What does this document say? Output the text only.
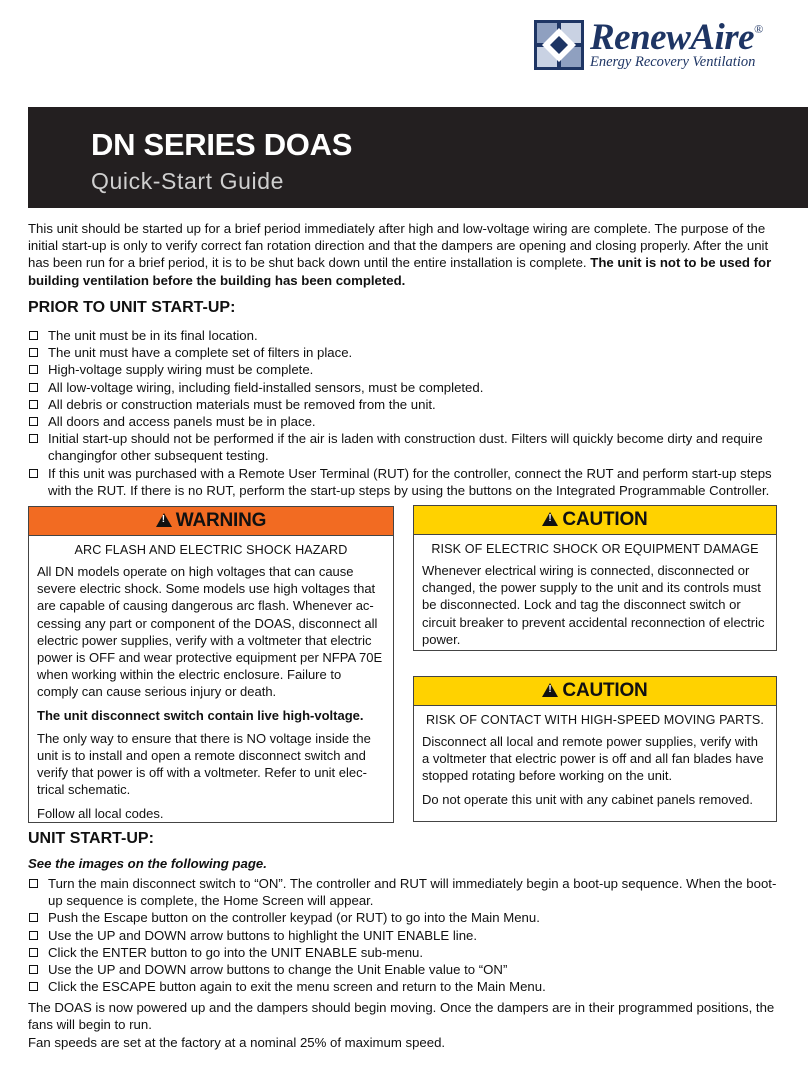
RenewAire®
Energy Recovery Ventilation
DN SERIES DOAS
Quick-Start Guide
This unit should be started up for a brief period immediately after high and low-voltage wiring are complete. The purpose of the initial start-up is only to verify correct fan rotation direction and that the dampers are opening and closing properly. After the unit has been run for a brief period, it is to be shut back down until the entire installation is complete. The unit is not to be used for building ventilation before the building has been completed.
PRIOR TO UNIT START-UP:
The unit must be in its final location.
The unit must have a complete set of filters in place.
High-voltage supply wiring must be complete.
All low-voltage wiring, including field-installed sensors, must be completed.
All debris or construction materials must be removed from the unit.
All doors and access panels must be in place.
Initial start-up should not be performed if the air is laden with construction dust. Filters will quickly become dirty and require changingfor other subsequent testing.
If this unit was purchased with a Remote User Terminal (RUT) for the controller, connect the RUT and perform start-up steps with the RUT. If there is no RUT, perform the start-up steps by using the buttons on the Integrated Programmable Controller.
!
WARNING
ARC FLASH AND ELECTRIC SHOCK HAZARD

All DN models operate on high voltages that can cause severe electric shock. Some models use high voltages that are capable of causing dangerous arc flash. Whenever ac-cessing any part or component of the DOAS, disconnect all electric power supplies, verify with a voltmeter that electric power is OFF and wear protective equipment per NFPA 70E when working within the electric enclosure. Failure to comply can cause serious injury or death.

The unit disconnect switch contain live high-voltage.

The only way to ensure that there is NO voltage inside the unit is to install and open a remote disconnect switch and verify that power is off with a voltmeter. Refer to unit elec-trical schematic.

Follow all local codes.

!
CAUTION
RISK OF ELECTRIC SHOCK OR EQUIPMENT DAMAGE

Whenever electrical wiring is connected, disconnected or changed, the power supply to the unit and its controls must be disconnected. Lock and tag the disconnect switch or circuit breaker to prevent accidental reconnection of electric power.

!
CAUTION
RISK OF CONTACT WITH HIGH-SPEED MOVING PARTS.

Disconnect all local and remote power supplies, verify with a voltmeter that electric power is off and all fan blades have stopped rotating before working on the unit.

Do not operate this unit with any cabinet panels removed.

UNIT START-UP:
See the images on the following page.
Turn the main disconnect switch to “ON”. The controller and RUT will immediately begin a boot-up sequence. When the boot-up sequence is complete, the Home Screen will appear.
Push the Escape button on the controller keypad (or RUT) to go into the Main Menu.
Use the UP and DOWN arrow buttons to highlight the UNIT ENABLE line.
Click the ENTER button to go into the UNIT ENABLE sub-menu.
Use the UP and DOWN arrow buttons to change the Unit Enable value to “ON”
Click the ESCAPE button again to exit the menu screen and return to the Main Menu.
The DOAS is now powered up and the dampers should begin moving. Once the dampers are in their programmed positions, the fans will begin to run.
Fan speeds are set at the factory at a nominal 25% of maximum speed.
